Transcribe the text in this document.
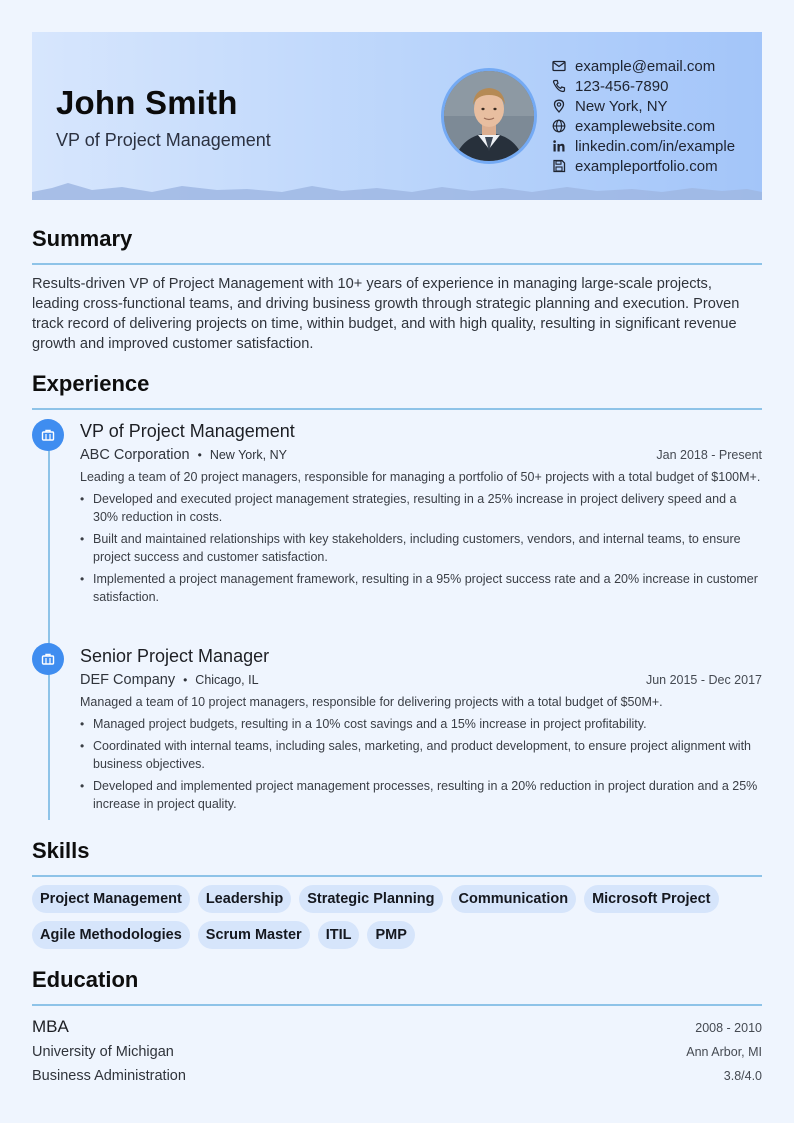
John Smith
VP of Project Management
example@email.com
123-456-7890
New York, NY
examplewebsite.com
linkedin.com/in/example
exampleportfolio.com
Summary
Results-driven VP of Project Management with 10+ years of experience in managing large-scale projects, leading cross-functional teams, and driving business growth through strategic planning and execution. Proven track record of delivering projects on time, within budget, and with high quality, resulting in significant revenue growth and improved customer satisfaction.
Experience
VP of Project Management
ABC Corporation • New York, NY	Jan 2018 - Present
Leading a team of 20 project managers, responsible for managing a portfolio of 50+ projects with a total budget of $100M+.
• Developed and executed project management strategies, resulting in a 25% increase in project delivery speed and a 30% reduction in costs.
• Built and maintained relationships with key stakeholders, including customers, vendors, and internal teams, to ensure project success and customer satisfaction.
• Implemented a project management framework, resulting in a 95% project success rate and a 20% increase in customer satisfaction.
Senior Project Manager
DEF Company • Chicago, IL	Jun 2015 - Dec 2017
Managed a team of 10 project managers, responsible for delivering projects with a total budget of $50M+.
• Managed project budgets, resulting in a 10% cost savings and a 15% increase in project profitability.
• Coordinated with internal teams, including sales, marketing, and product development, to ensure project alignment with business objectives.
• Developed and implemented project management processes, resulting in a 20% reduction in project duration and a 25% increase in project quality.
Skills
Project Management	Leadership	Strategic Planning	Communication	Microsoft Project
Agile Methodologies	Scrum Master	ITIL	PMP
Education
MBA	2008 - 2010
University of Michigan	Ann Arbor, MI
Business Administration	3.8/4.0
